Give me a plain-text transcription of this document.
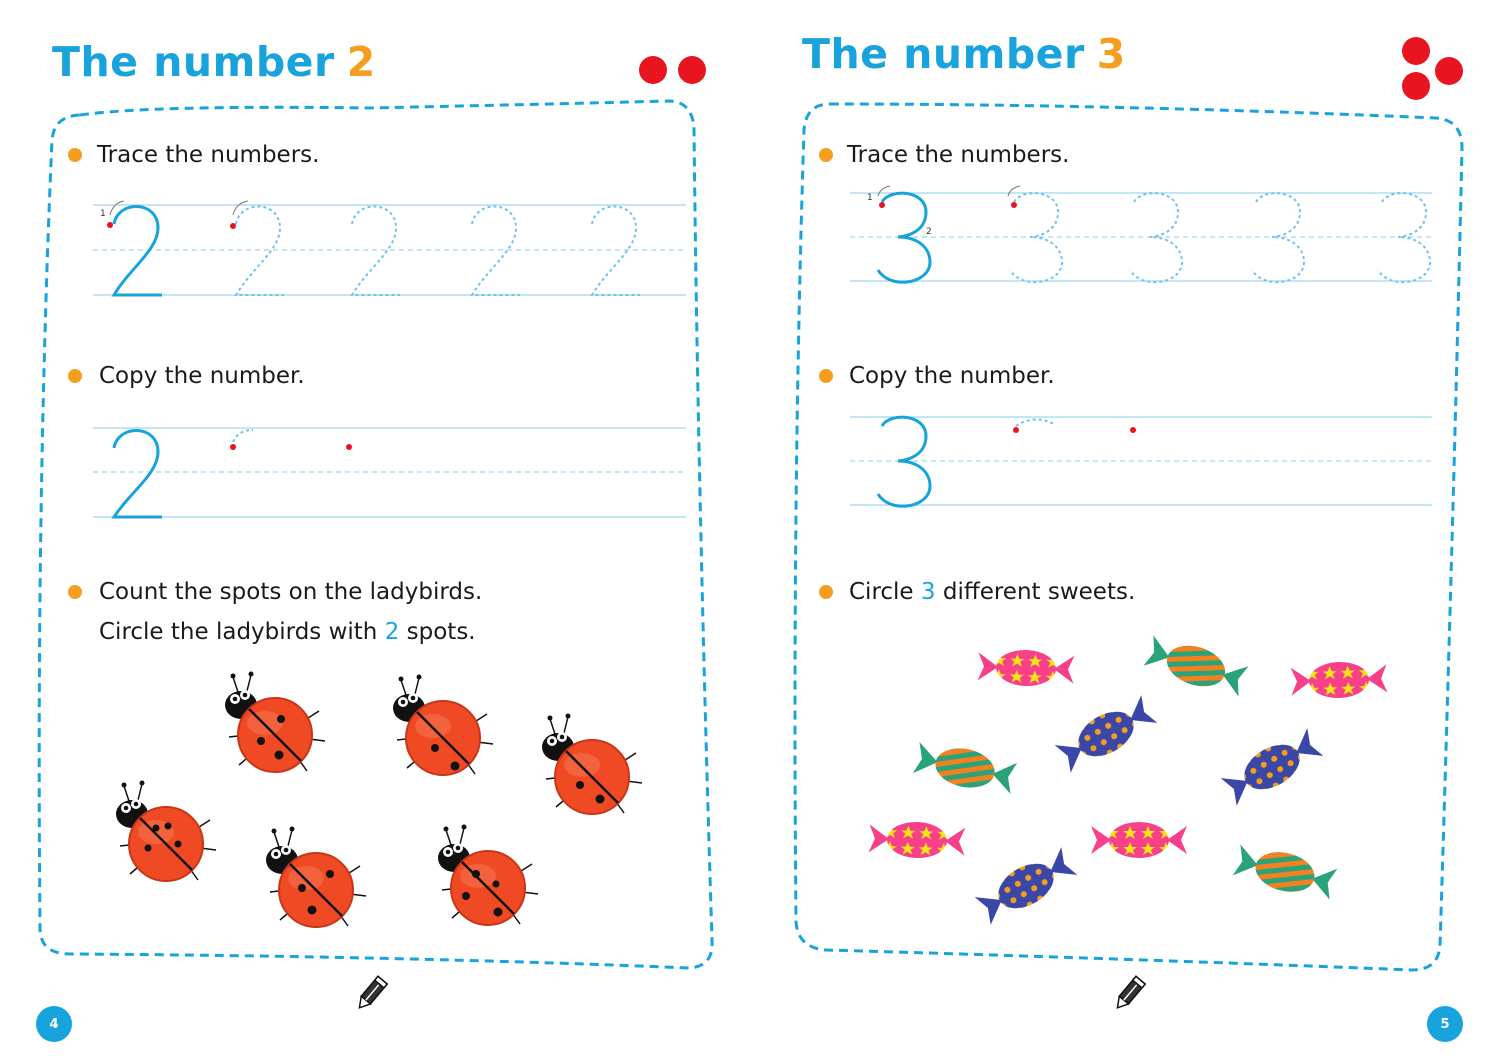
The number 2
Trace the numbers.
1
Copy the number.
Count the spots on the ladybirds.
Circle the ladybirds with 2 spots.
4
The number 3
Trace the numbers.
1
2
Copy the number.
Circle 3 different sweets.
5
